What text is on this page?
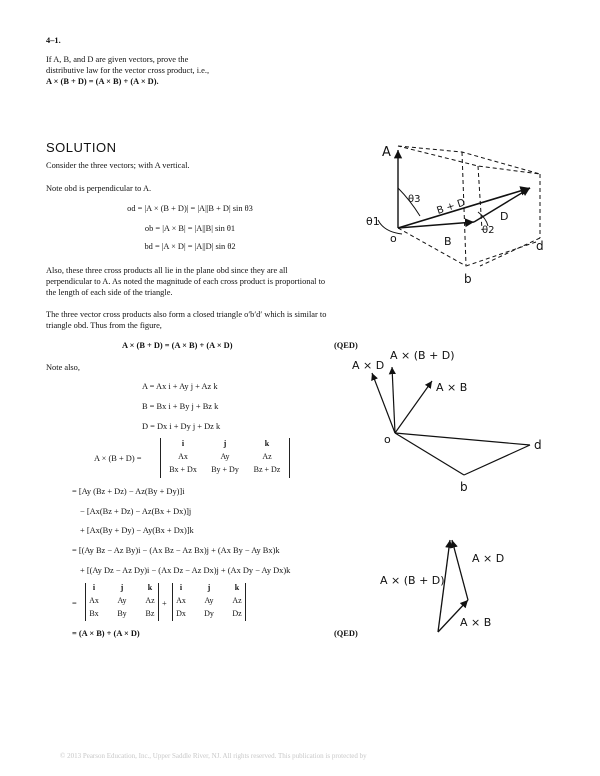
4–1.
If A, B, and D are given vectors, prove the
distributive law for the vector cross product, i.e.,
A × (B + D) = (A × B) + (A × D).
SOLUTION
Consider the three vectors; with A vertical.
Note obd is perpendicular to A.
od = |A × (B + D)| = |A||B + D| sin θ3
ob = |A × B| = |A||B| sin θ1
bd = |A × D| = |A||D| sin θ2
Also, these three cross products all lie in the plane obd since they are all
perpendicular to A. As noted the magnitude of each cross product is proportional to
the length of each side of the triangle.
The three vector cross products also form a closed triangle o′b′d′ which is similar to
triangle obd. Thus from the figure,
A × (B + D) = (A × B) + (A × D)	(QED)
Note also,
A = Ax i + Ay j + Az k
B = Bx i + By j + Bz k
D = Dx i + Dy j + Dz k
A × (B + D) =
i	j	k
Ax	Ay	Az
Bx + Dx	By + Dy	Bz + Dz
= [Ay (Bz + Dz) − Az(By + Dy)]i
− [Ax(Bz + Dz) − Az(Bx + Dx)]j
+ [Ax(By + Dy) − Ay(Bx + Dx)]k
= [(Ay Bz − Az By)i − (Ax Bz − Az Bx)j + (Ax By − Ay Bx)k
+ [(Ay Dz − Az Dy)i − (Ax Dz − Az Dx)j + (Ax Dy − Ay Dx)k
=
i	j	k
Ax	Ay	Az
Bx	By	Bz
+
i	j	k
Ax	Ay	Az
Dx	Dy	Dz
= (A × B) + (A × D)	(QED)
A
θ3 B + D
θ1
o	B
θ2
D
d
b
A × D
A × (B + D)
A × B
o	d
b
A × D
A × (B + D)
A × B
© 2013 Pearson Education, Inc., Upper Saddle River, NJ. All rights reserved. This publication is protected by
